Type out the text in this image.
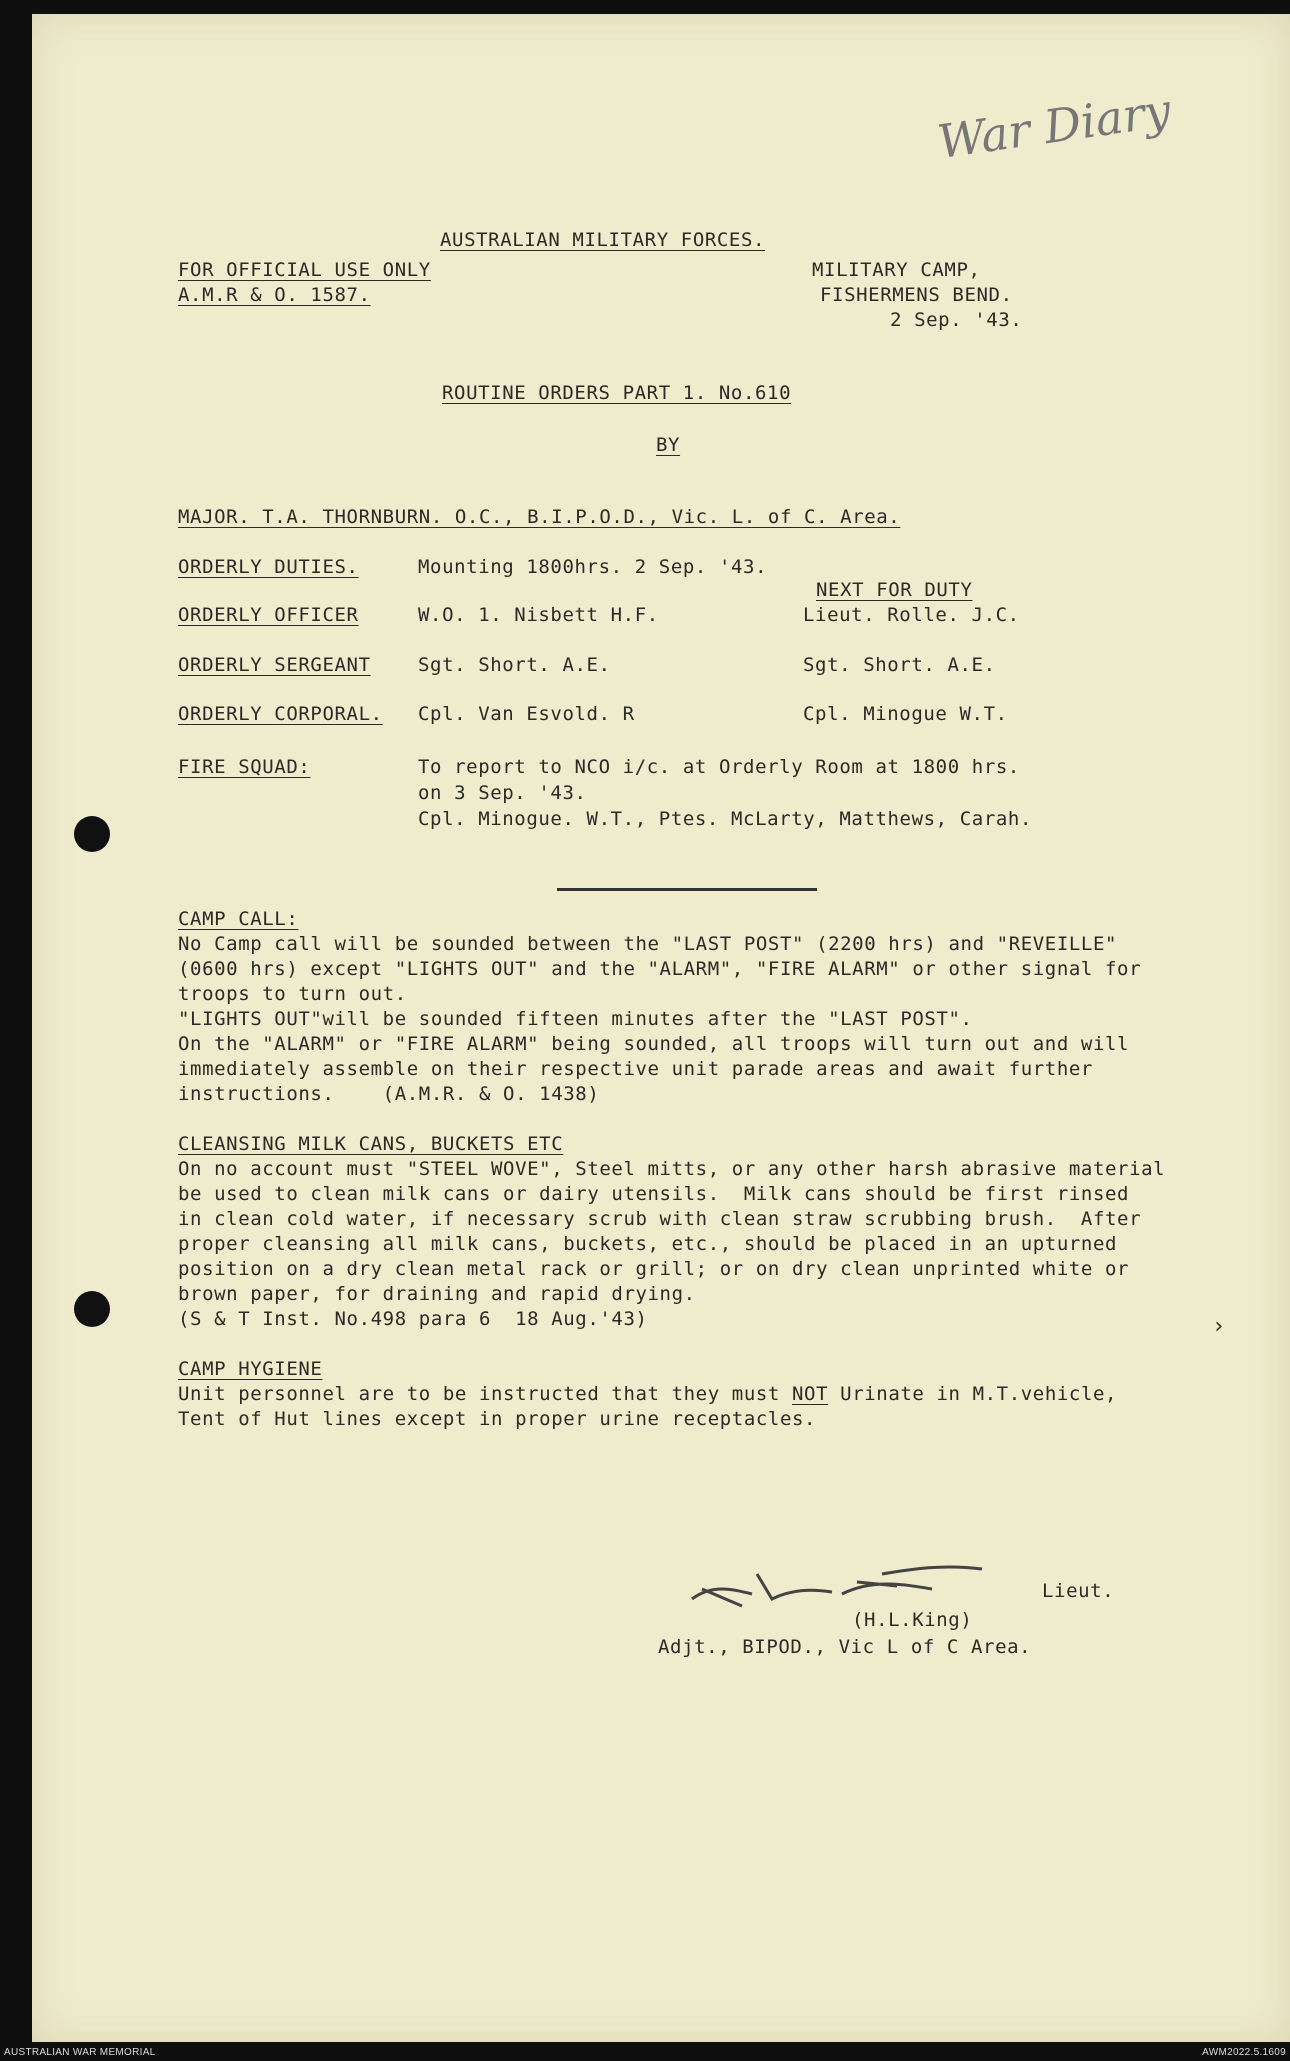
War Diary
AUSTRALIAN MILITARY FORCES.
FOR OFFICIAL USE ONLY
A.M.R & O. 1587.
MILITARY CAMP,
FISHERMENS BEND.
2 Sep. '43.
ROUTINE ORDERS PART 1. No.610
BY
MAJOR. T.A. THORNBURN. O.C., B.I.P.O.D., Vic. L. of C. Area.
ORDERLY DUTIES.	Mounting 1800hrs. 2 Sep. '43.
NEXT FOR DUTY
ORDERLY OFFICER	W.O. 1. Nisbett H.F.	Lieut. Rolle. J.C.
ORDERLY SERGEANT Sgt. Short. A.E.	Sgt. Short. A.E.
ORDERLY CORPORAL. Cpl. Van Esvold. R	Cpl. Minogue W.T.
FIRE SQUAD:	To report to NCO i/c. at Orderly Room at 1800 hrs.
on 3 Sep. '43.
Cpl. Minogue. W.T., Ptes. McLarty, Matthews, Carah.
CAMP CALL:
No Camp call will be sounded between the "LAST POST" (2200 hrs) and "REVEILLE"
(0600 hrs) except "LIGHTS OUT" and the "ALARM", "FIRE ALARM" or other signal for
troops to turn out.
"LIGHTS OUT"will be sounded fifteen minutes after the "LAST POST".
On the "ALARM" or "FIRE ALARM" being sounded, all troops will turn out and will
immediately assemble on their respective unit parade areas and await further
instructions.    (A.M.R. & O. 1438)
CLEANSING MILK CANS, BUCKETS ETC
On no account must "STEEL WOVE", Steel mitts, or any other harsh abrasive material
be used to clean milk cans or dairy utensils.  Milk cans should be first rinsed
in clean cold water, if necessary scrub with clean straw scrubbing brush.  After
proper cleansing all milk cans, buckets, etc., should be placed in an upturned
position on a dry clean metal rack or grill; or on dry clean unprinted white or
brown paper, for draining and rapid drying.
(S & T Inst. No.498 para 6  18 Aug.'43)
CAMP HYGIENE
Unit personnel are to be instructed that they must NOT Urinate in M.T.vehicle,
Tent of Hut lines except in proper urine receptacles.
Lieut.
(H.L.King)
Adjt., BIPOD., Vic L of C Area.
›
AUSTRALIAN WAR MEMORIAL	AWM2022.5.1609
